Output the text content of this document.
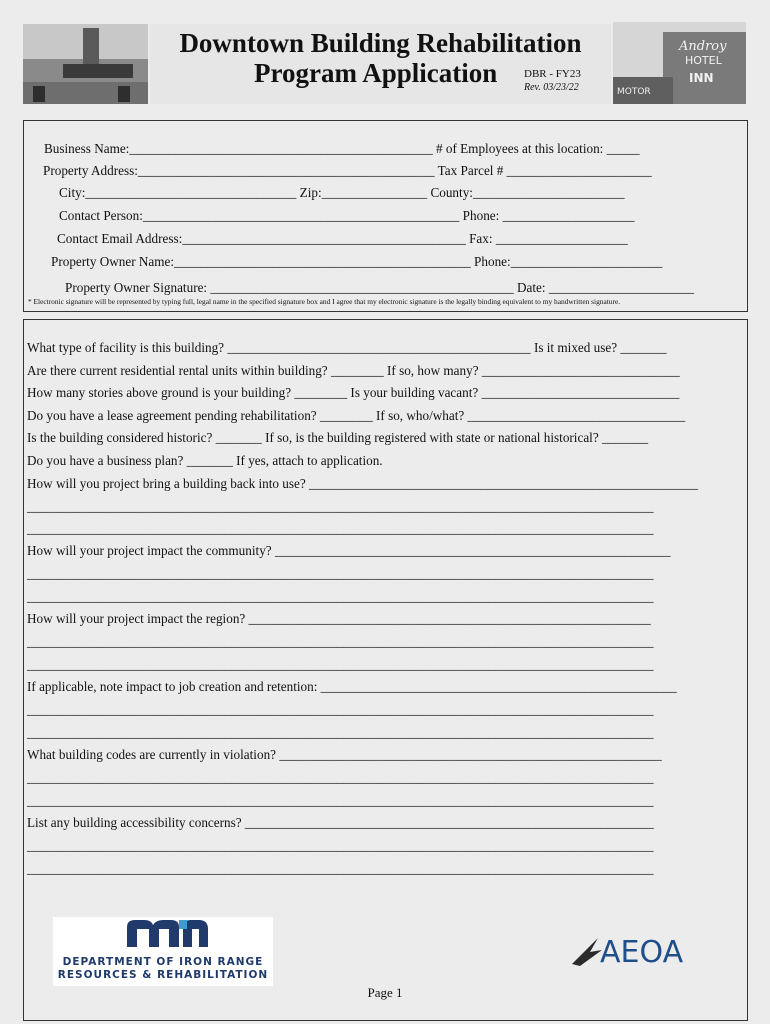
Downtown Building Rehabilitation
Program Application	DBR - FY23
Rev. 03/23/22
Androy
HOTEL
INN
MOTOR
Business Name:______________________________________________ # of Employees at this location: _____
Property Address:_____________________________________________ Tax Parcel # ______________________
City:________________________________ Zip:________________ County:_______________________
Contact Person:________________________________________________ Phone: ____________________
Contact Email Address:___________________________________________ Fax: ____________________
Property Owner Name:_____________________________________________ Phone:_______________________
Property Owner Signature: ______________________________________________ Date: ______________________
* Electronic signature will be represented by typing full, legal name in the specified signature box and I agree that my electronic signature is the legally binding equivalent to my handwritten signature.
What type of facility is this building? ______________________________________________ Is it mixed use? _______
Are there current residential rental units within building? ________ If so, how many? ______________________________
How many stories above ground is your building? ________ Is your building vacant? ______________________________
Do you have a lease agreement pending rehabilitation? ________ If so, who/what? _________________________________
Is the building considered historic? _______ If so, is the building registered with state or national historical? _______
Do you have a business plan? _______ If yes, attach to application.
How will you project bring a building back into use? ___________________________________________________________
_______________________________________________________________________________________________
_______________________________________________________________________________________________
How will your project impact the community? ____________________________________________________________
_______________________________________________________________________________________________
_______________________________________________________________________________________________
How will your project impact the region? _____________________________________________________________
_______________________________________________________________________________________________
_______________________________________________________________________________________________
If applicable, note impact to job creation and retention: ______________________________________________________
_______________________________________________________________________________________________
_______________________________________________________________________________________________
What building codes are currently in violation? __________________________________________________________
_______________________________________________________________________________________________
_______________________________________________________________________________________________
List any building accessibility concerns? ______________________________________________________________
_______________________________________________________________________________________________
_______________________________________________________________________________________________
DEPARTMENT OF IRON RANGE
RESOURCES & REHABILITATION
AEOA
Page 1
